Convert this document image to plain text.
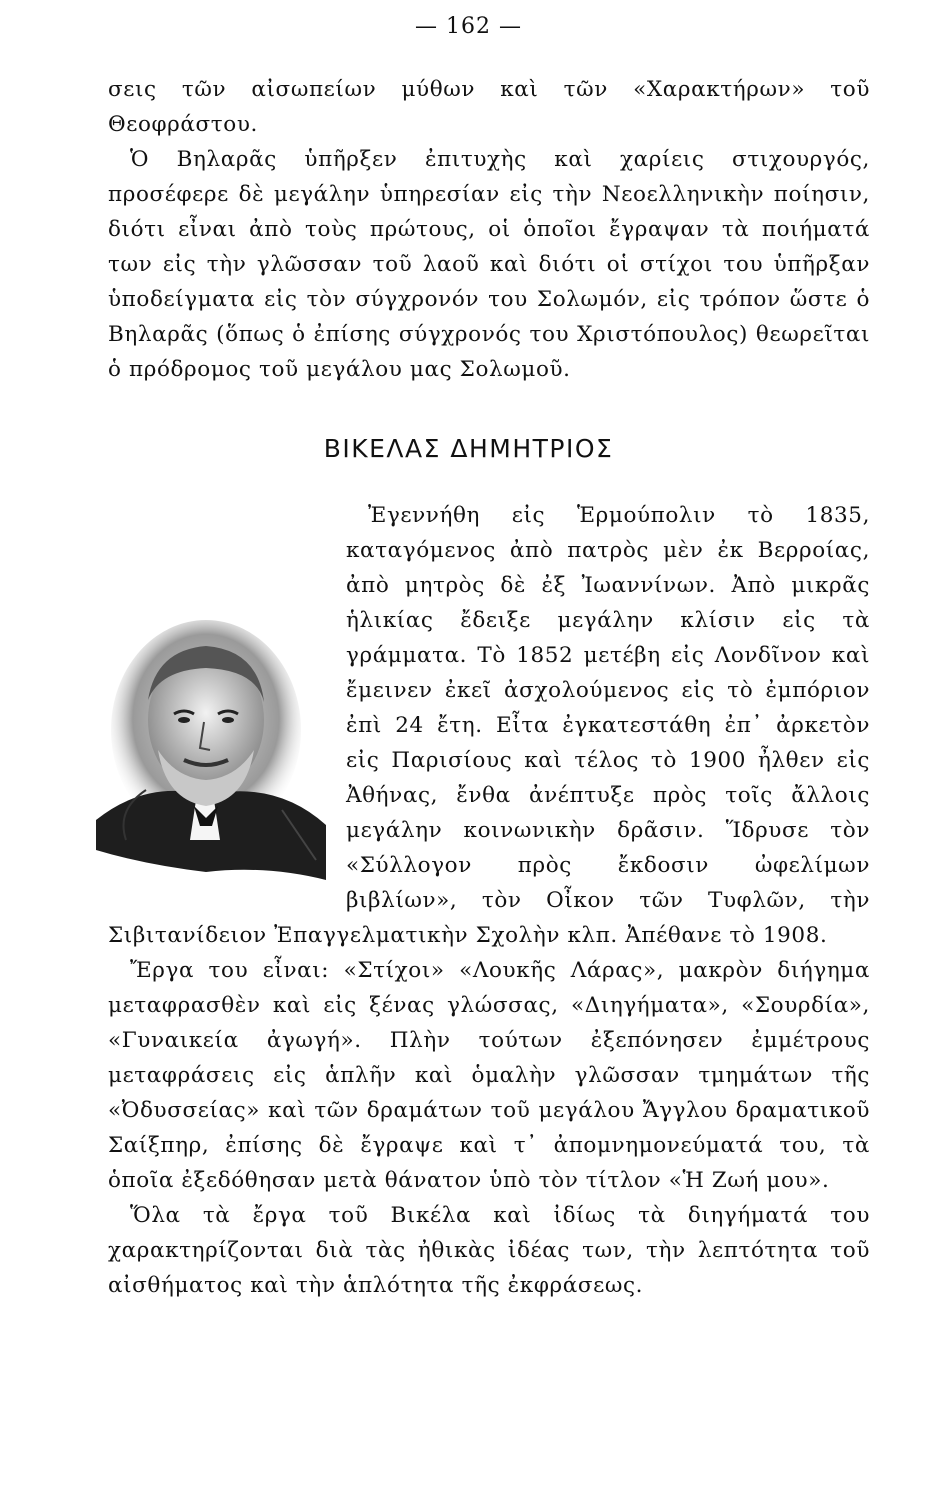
— 162 —

σεις τῶν αἰσωπείων μύθων καὶ τῶν «Χαρακτήρων» τοῦ Θεοφράστου.

Ὁ Βηλαρᾶς ὑπῆρξεν ἐπιτυχὴς καὶ χαρίεις στιχουργός, προσέφερε δὲ μεγάλην ὑπηρεσίαν εἰς τὴν Νεοελληνικὴν ποίησιν, διότι εἶναι ἀπὸ τοὺς πρώτους, οἱ ὁποῖοι ἔγραψαν τὰ ποιήματά των εἰς τὴν γλῶσσαν τοῦ λαοῦ καὶ διότι οἱ στίχοι του ὑπῆρξαν ὑποδείγματα εἰς τὸν σύγχρονόν του Σολωμόν, εἰς τρόπον ὥστε ὁ Βηλαρᾶς (ὅπως ὁ ἐπίσης σύγχρονός του Χριστόπουλος) θεωρεῖται ὁ πρόδρομος τοῦ μεγάλου μας Σολωμοῦ.

ΒΙΚΕΛΑΣ ΔΗΜΗΤΡΙΟΣ

Ἐγεννήθη εἰς Ἑρμούπολιν τὸ 1835, καταγόμενος ἀπὸ πατρὸς μὲν ἐκ Βερροίας, ἀπὸ μητρὸς δὲ ἐξ Ἰωαννίνων. Ἀπὸ μικρᾶς ἡλικίας ἔδειξε μεγάλην κλίσιν εἰς τὰ γράμματα. Τὸ 1852 μετέβη εἰς Λονδῖνον καὶ ἔμεινεν ἐκεῖ ἀσχολούμενος εἰς τὸ ἐμπόριον ἐπὶ 24 ἔτη. Εἶτα ἐγκατεστάθη ἐπ᾽ ἀρκετὸν εἰς Παρισίους καὶ τέλος τὸ 1900 ἦλθεν εἰς Ἀθήνας, ἔνθα ἀνέπτυξε πρὸς τοῖς ἄλλοις μεγάλην κοινωνικὴν δρᾶσιν. Ἵδρυσε τὸν «Σύλλογον πρὸς ἔκδοσιν ὠφελίμων βιβλίων», τὸν Οἶκον τῶν Τυφλῶν, τὴν Σιβιτανίδειον Ἐπαγγελματικὴν Σχολὴν κλπ. Ἀπέθανε τὸ 1908.

Ἔργα του εἶναι: «Στίχοι» «Λουκῆς Λάρας», μακρὸν διήγημα μεταφρασθὲν καὶ εἰς ξένας γλώσσας, «Διηγήματα», «Σουρδία», «Γυναικεία ἀγωγή». Πλὴν τούτων ἐξεπόνησεν ἐμμέτρους μεταφράσεις εἰς ἁπλῆν καὶ ὁμαλὴν γλῶσσαν τμημάτων τῆς «Ὀδυσσείας» καὶ τῶν δραμάτων τοῦ μεγάλου Ἄγγλου δραματικοῦ Σαίξπηρ, ἐπίσης δὲ ἔγραψε καὶ τ᾽ ἀπομνημονεύματά του, τὰ ὁποῖα ἐξεδόθησαν μετὰ θάνατον ὑπὸ τὸν τίτλον «Ἡ Ζωή μου».

Ὅλα τὰ ἔργα τοῦ Βικέλα καὶ ἰδίως τὰ διηγήματά του χαρακτηρίζονται διὰ τὰς ἠθικὰς ἰδέας των, τὴν λεπτότητα τοῦ αἰσθήματος καὶ τὴν ἁπλότητα τῆς ἐκφράσεως.
